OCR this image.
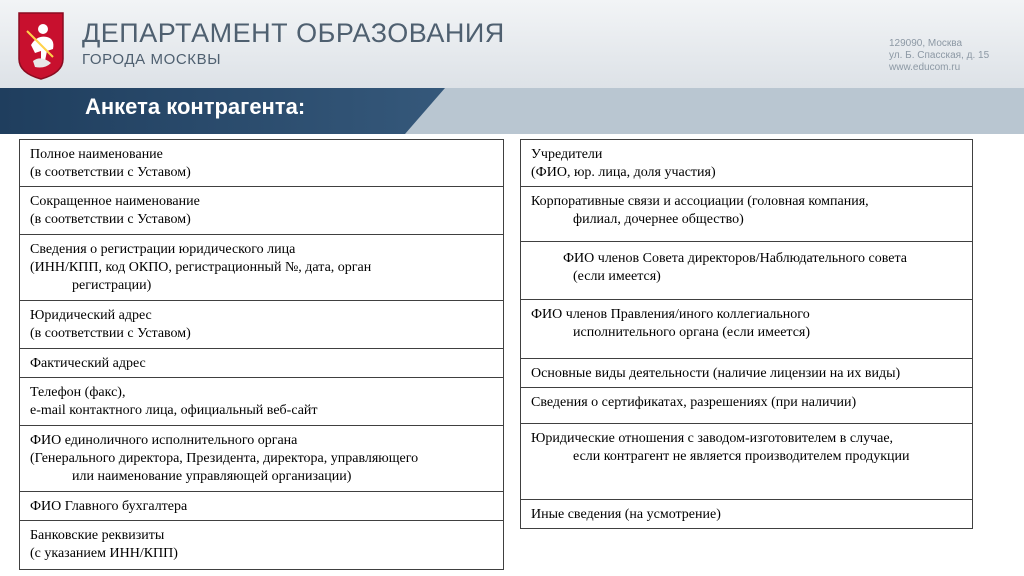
ДЕПАРТАМЕНТ ОБРАЗОВАНИЯ
ГОРОДА МОСКВЫ
129090, Москва
ул. Б. Спасская, д. 15
www.educom.ru
Анкета контрагента:
Полное наименование
(в соответствии с Уставом)
Сокращенное наименование
(в соответствии с Уставом)
Сведения о регистрации юридического лица
(ИНН/КПП, код ОКПО, регистрационный №, дата, орган
регистрации)
Юридический адрес
(в соответствии с Уставом)
Фактический адрес
Телефон (факс),
e-mail контактного лица, официальный веб-сайт
ФИО единоличного исполнительного органа
(Генерального директора, Президента, директора, управляющего
или наименование управляющей организации)
ФИО Главного бухгалтера
Банковские реквизиты
(с указанием ИНН/КПП)
Учредители
(ФИО, юр. лица, доля участия)
Корпоративные связи и ассоциации (головная компания,
филиал, дочернее общество)
ФИО членов Совета директоров/Наблюдательного совета
(если имеется)
ФИО членов Правления/иного коллегиального
исполнительного органа (если имеется)
Основные виды деятельности (наличие лицензии на их виды)
Сведения о сертификатах, разрешениях (при наличии)
Юридические отношения с заводом-изготовителем в случае,
если контрагент не является производителем продукции
Иные сведения (на усмотрение)
